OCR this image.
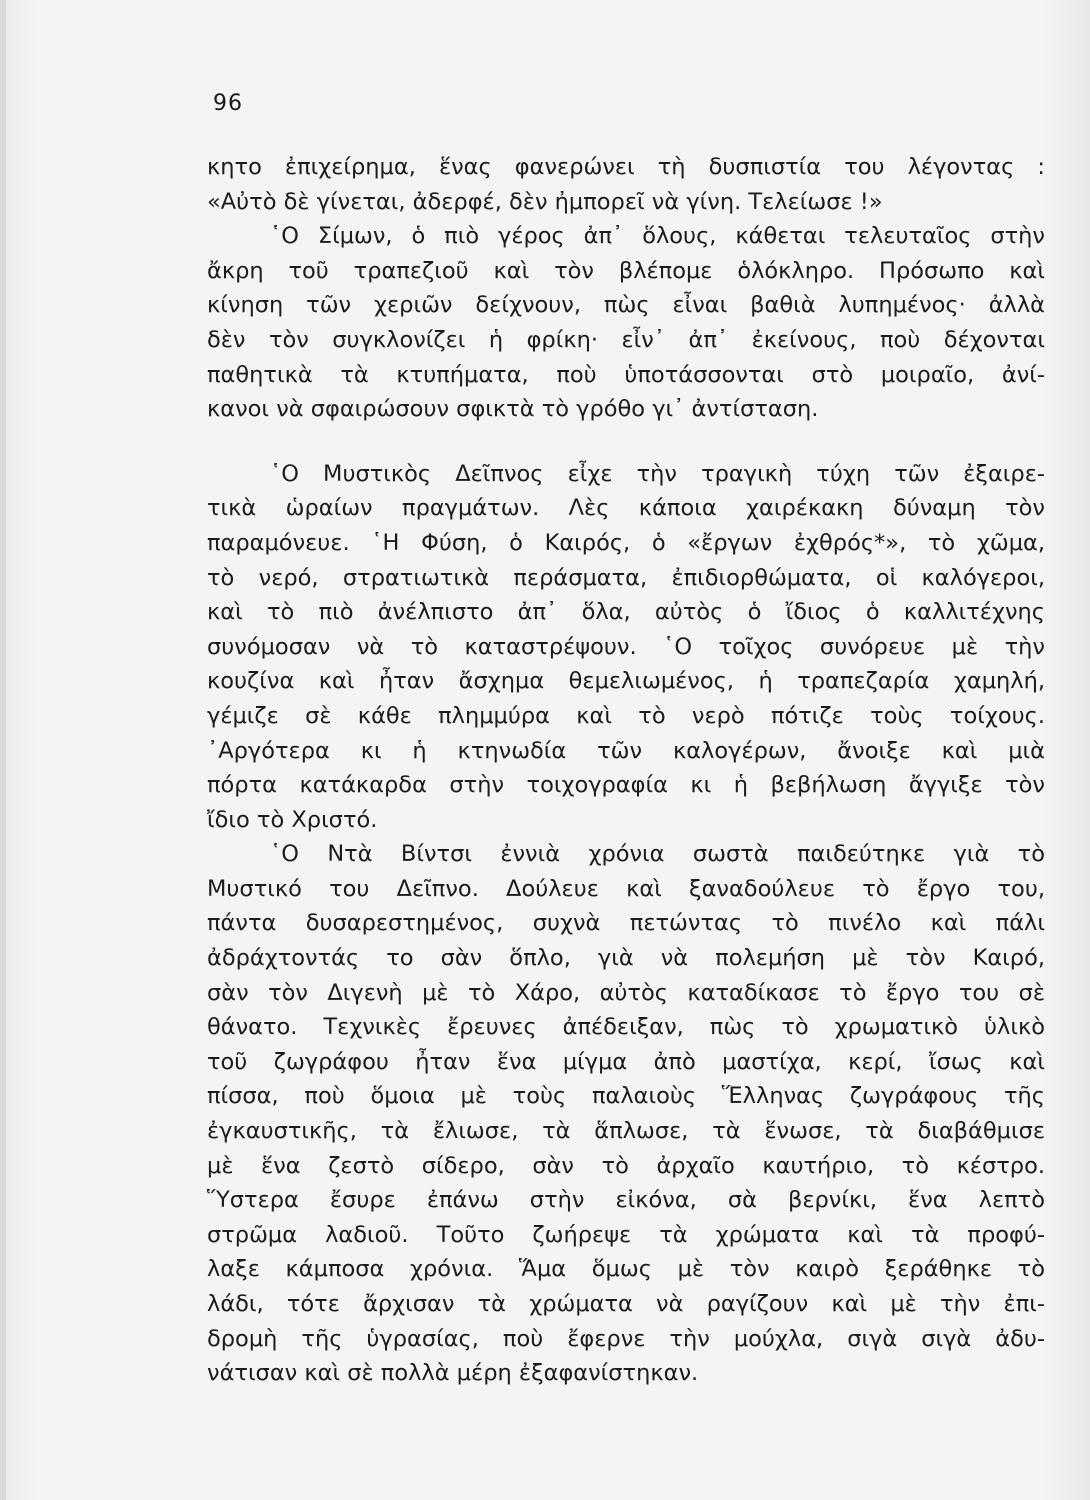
96
κητο ἐπιχείρημα, ἕνας φανερώνει τὴ δυσπιστία του λέγοντας :
«Αὐτὸ δὲ γίνεται, ἀδερφέ, δὲν ἠμπορεῖ νὰ γίνη. Τελείωσε !»
῾Ο Σίμων, ὁ πιὸ γέρος ἀπ᾿ ὅλους, κάθεται τελευταῖος στὴν
ἄκρη τοῦ τραπεζιοῦ καὶ τὸν βλέπομε ὁλόκληρο. Πρόσωπο καὶ
κίνηση τῶν χεριῶν δείχνουν, πὼς εἶναι βαθιὰ λυπημένος· ἀλλὰ
δὲν τὸν συγκλονίζει ἡ φρίκη· εἶν᾿ ἀπ᾿ ἐκείνους, ποὺ δέχονται
παθητικὰ τὰ κτυπήματα, ποὺ ὑποτάσσονται στὸ μοιραῖο, ἀνί-
κανοι νὰ σφαιρώσουν σφικτὰ τὸ γρόθο γι᾿ ἀντίσταση.
῾Ο Μυστικὸς Δεῖπνος εἶχε τὴν τραγικὴ τύχη τῶν ἐξαιρε-
τικὰ ὡραίων πραγμάτων. Λὲς κάποια χαιρέκακη δύναμη τὸν
παραμόνευε. ῾Η Φύση, ὁ Καιρός, ὁ «ἔργων ἐχθρός*», τὸ χῶμα,
τὸ νερό, στρατιωτικὰ περάσματα, ἐπιδιορθώματα, οἱ καλόγεροι,
καὶ τὸ πιὸ ἀνέλπιστο ἀπ᾿ ὅλα, αὐτὸς ὁ ἴδιος ὁ καλλιτέχνης
συνόμοσαν νὰ τὸ καταστρέψουν. ῾Ο τοῖχος συνόρευε μὲ τὴν
κουζίνα καὶ ἦταν ἄσχημα θεμελιωμένος, ἡ τραπεζαρία χαμηλή,
γέμιζε σὲ κάθε πλημμύρα καὶ τὸ νερὸ πότιζε τοὺς τοίχους.
᾿Αργότερα κι ἡ κτηνωδία τῶν καλογέρων, ἄνοιξε καὶ μιὰ
πόρτα κατάκαρδα στὴν τοιχογραφία κι ἡ βεβήλωση ἄγγιξε τὸν
ἴδιο τὸ Χριστό.
῾Ο Ντὰ Βίντσι ἐννιὰ χρόνια σωστὰ παιδεύτηκε γιὰ τὸ
Μυστικό του Δεῖπνο. Δούλευε καὶ ξαναδούλευε τὸ ἔργο του,
πάντα δυσαρεστημένος, συχνὰ πετώντας τὸ πινέλο καὶ πάλι
ἀδράχτοντάς το σὰν ὅπλο, γιὰ νὰ πολεμήση μὲ τὸν Καιρό,
σὰν τὸν Διγενὴ μὲ τὸ Χάρο, αὐτὸς καταδίκασε τὸ ἔργο του σὲ
θάνατο. Τεχνικὲς ἔρευνες ἀπέδειξαν, πὼς τὸ χρωματικὸ ὑλικὸ
τοῦ ζωγράφου ἦταν ἕνα μίγμα ἀπὸ μαστίχα, κερί, ἴσως καὶ
πίσσα, ποὺ ὅμοια μὲ τοὺς παλαιοὺς Ἕλληνας ζωγράφους τῆς
ἐγκαυστικῆς, τὰ ἔλιωσε, τὰ ἅπλωσε, τὰ ἕνωσε, τὰ διαβάθμισε
μὲ ἕνα ζεστὸ σίδερο, σὰν τὸ ἀρχαῖο καυτήριο, τὸ κέστρο.
Ὕστερα ἔσυρε ἐπάνω στὴν εἰκόνα, σὰ βερνίκι, ἕνα λεπτὸ
στρῶμα λαδιοῦ. Τοῦτο ζωήρεψε τὰ χρώματα καὶ τὰ προφύ-
λαξε κάμποσα χρόνια. Ἅμα ὅμως μὲ τὸν καιρὸ ξεράθηκε τὸ
λάδι, τότε ἄρχισαν τὰ χρώματα νὰ ραγίζουν καὶ μὲ τὴν ἐπι-
δρομὴ τῆς ὑγρασίας, ποὺ ἔφερνε τὴν μούχλα, σιγὰ σιγὰ ἀδυ-
νάτισαν καὶ σὲ πολλὰ μέρη ἐξαφανίστηκαν.
